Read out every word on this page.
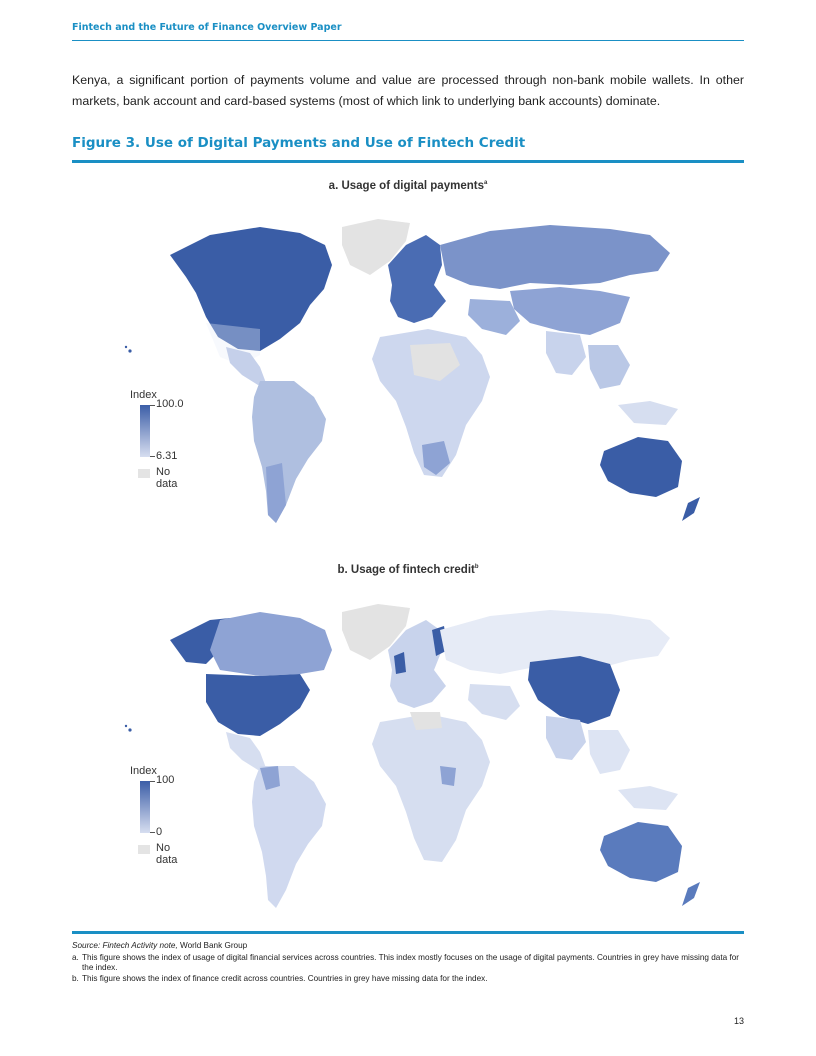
Fintech and the Future of Finance Overview Paper

Kenya, a significant portion of payments volume and value are processed through non-bank mobile wallets. In other markets, bank account and card-based systems (most of which link to underlying bank accounts) dominate.

Figure 3. Use of Digital Payments and Use of Fintech Credit
a. Usage of digital payments$^a$
Index
100.0
6.31
No data
b. Usage of fintech credit$^b$
Index
100
0
No data
Source: Fintech Activity note, World Bank Group
a. This figure shows the index of usage of digital financial services across countries. This index mostly focuses on the usage of digital payments. Countries in grey have missing data for the index.
b. This figure shows the index of finance credit across countries. Countries in grey have missing data for the index.
13
